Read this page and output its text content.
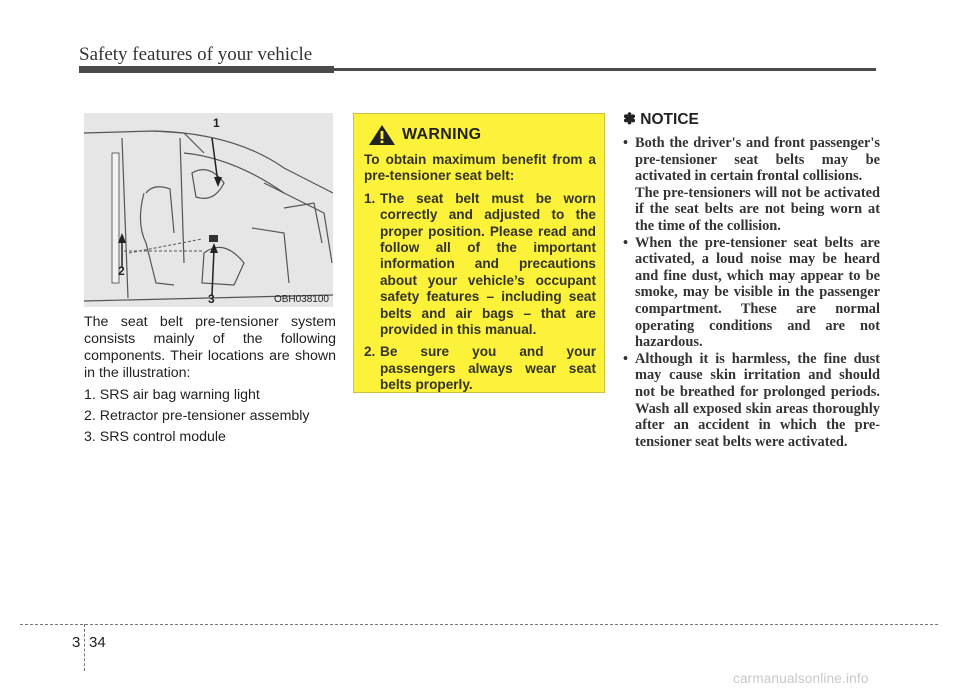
Safety features of your vehicle
1
2
3	OBH038100

The seat belt pre-tensioner system consists mainly of the following components. Their locations are shown in the illustration:

1. SRS air bag warning light

2. Retractor pre-tensioner assembly

3. SRS control module

WARNING

To obtain maximum benefit from a pre-tensioner seat belt:

1. The seat belt must be worn correctly and adjusted to the proper position. Please read and follow all of the important information and precautions about your vehicle’s occupant safety features – including seat belts and air bags – that are provided in this manual.

2. Be sure you and your passengers always wear seat belts properly.

✽ NOTICE
• Both the driver's and front passenger's pre-tensioner seat belts may be activated in certain frontal collisions.

The pre-tensioners will not be activated if the seat belts are not being worn at the time of the collision.

• When the pre-tensioner seat belts are activated, a loud noise may be heard and fine dust, which may appear to be smoke, may be visible in the passenger compartment. These are normal operating conditions and are not hazardous.

• Although it is harmless, the fine dust may cause skin irritation and should not be breathed for prolonged periods. Wash all exposed skin areas thoroughly after an accident in which the pre-tensioner seat belts were activated.

3 34
carmanualsonline.info
